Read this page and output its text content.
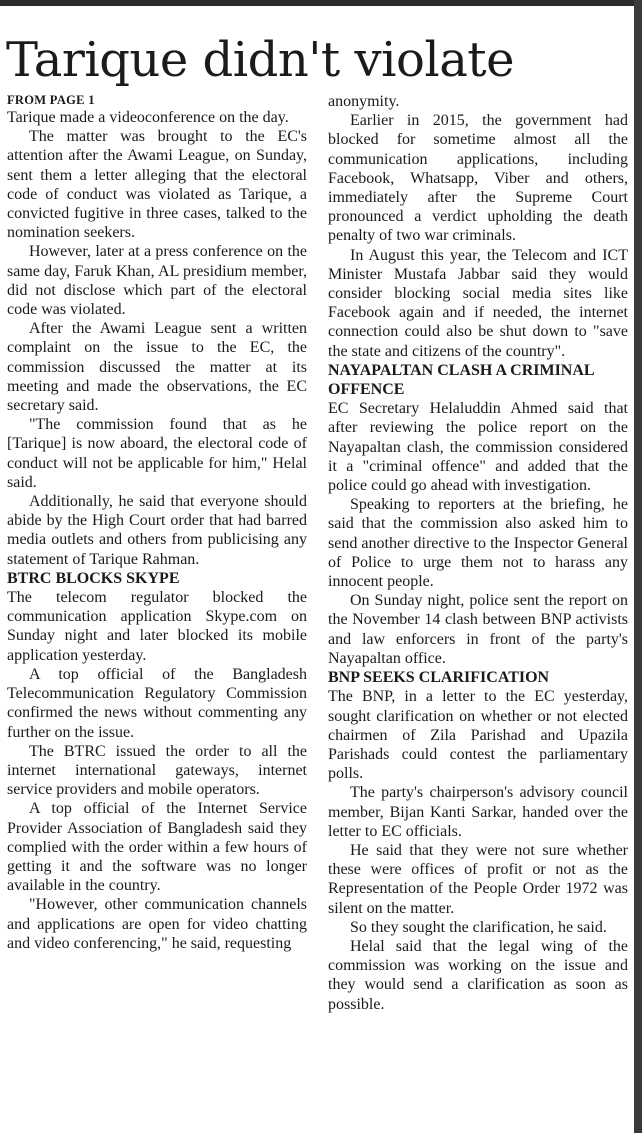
Tarique didn't violate
FROM PAGE 1

Tarique made a videoconference on the day.

The matter was brought to the EC's attention after the Awami League, on Sunday, sent them a letter alleging that the electoral code of conduct was violated as Tarique, a convicted fugitive in three cases, talked to the nomination seekers.

However, later at a press conference on the same day, Faruk Khan, AL presidium member, did not disclose which part of the electoral code was violated.

After the Awami League sent a written complaint on the issue to the EC, the commission discussed the matter at its meeting and made the observations, the EC secretary said.

"The commission found that as he [Tarique] is now aboard, the electoral code of conduct will not be applicable for him," Helal said.

Additionally, he said that everyone should abide by the High Court order that had barred media outlets and others from publicising any statement of Tarique Rahman.

BTRC BLOCKS SKYPE

The telecom regulator blocked the communication application Skype.com on Sunday night and later blocked its mobile application yesterday.

A top official of the Bangladesh Telecommunication Regulatory Commission confirmed the news without commenting any further on the issue.

The BTRC issued the order to all the internet international gateways, internet service providers and mobile operators.

A top official of the Internet Service Provider Association of Bangladesh said they complied with the order within a few hours of getting it and the software was no longer available in the country.

"However, other communication channels and applications are open for video chatting and video conferencing," he said, requesting

anonymity.

Earlier in 2015, the government had blocked for sometime almost all the communication applications, including Facebook, Whatsapp, Viber and others, immediately after the Supreme Court pronounced a verdict upholding the death penalty of two war criminals.

In August this year, the Telecom and ICT Minister Mustafa Jabbar said they would consider blocking social media sites like Facebook again and if needed, the internet connection could also be shut down to "save the state and citizens of the country".

NAYAPALTAN CLASH A CRIMINAL OFFENCE

EC Secretary Helaluddin Ahmed said that after reviewing the police report on the Nayapaltan clash, the commission considered it a "criminal offence" and added that the police could go ahead with investigation.

Speaking to reporters at the briefing, he said that the commission also asked him to send another directive to the Inspector General of Police to urge them not to harass any innocent people.

On Sunday night, police sent the report on the November 14 clash between BNP activists and law enforcers in front of the party's Nayapaltan office.

BNP SEEKS CLARIFICATION

The BNP, in a letter to the EC yesterday, sought clarification on whether or not elected chairmen of Zila Parishad and Upazila Parishads could contest the parliamentary polls.

The party's chairperson's advisory council member, Bijan Kanti Sarkar, handed over the letter to EC officials.

He said that they were not sure whether these were offices of profit or not as the Representation of the People Order 1972 was silent on the matter.

So they sought the clarification, he said.

Helal said that the legal wing of the commission was working on the issue and they would send a clarification as soon as possible.
